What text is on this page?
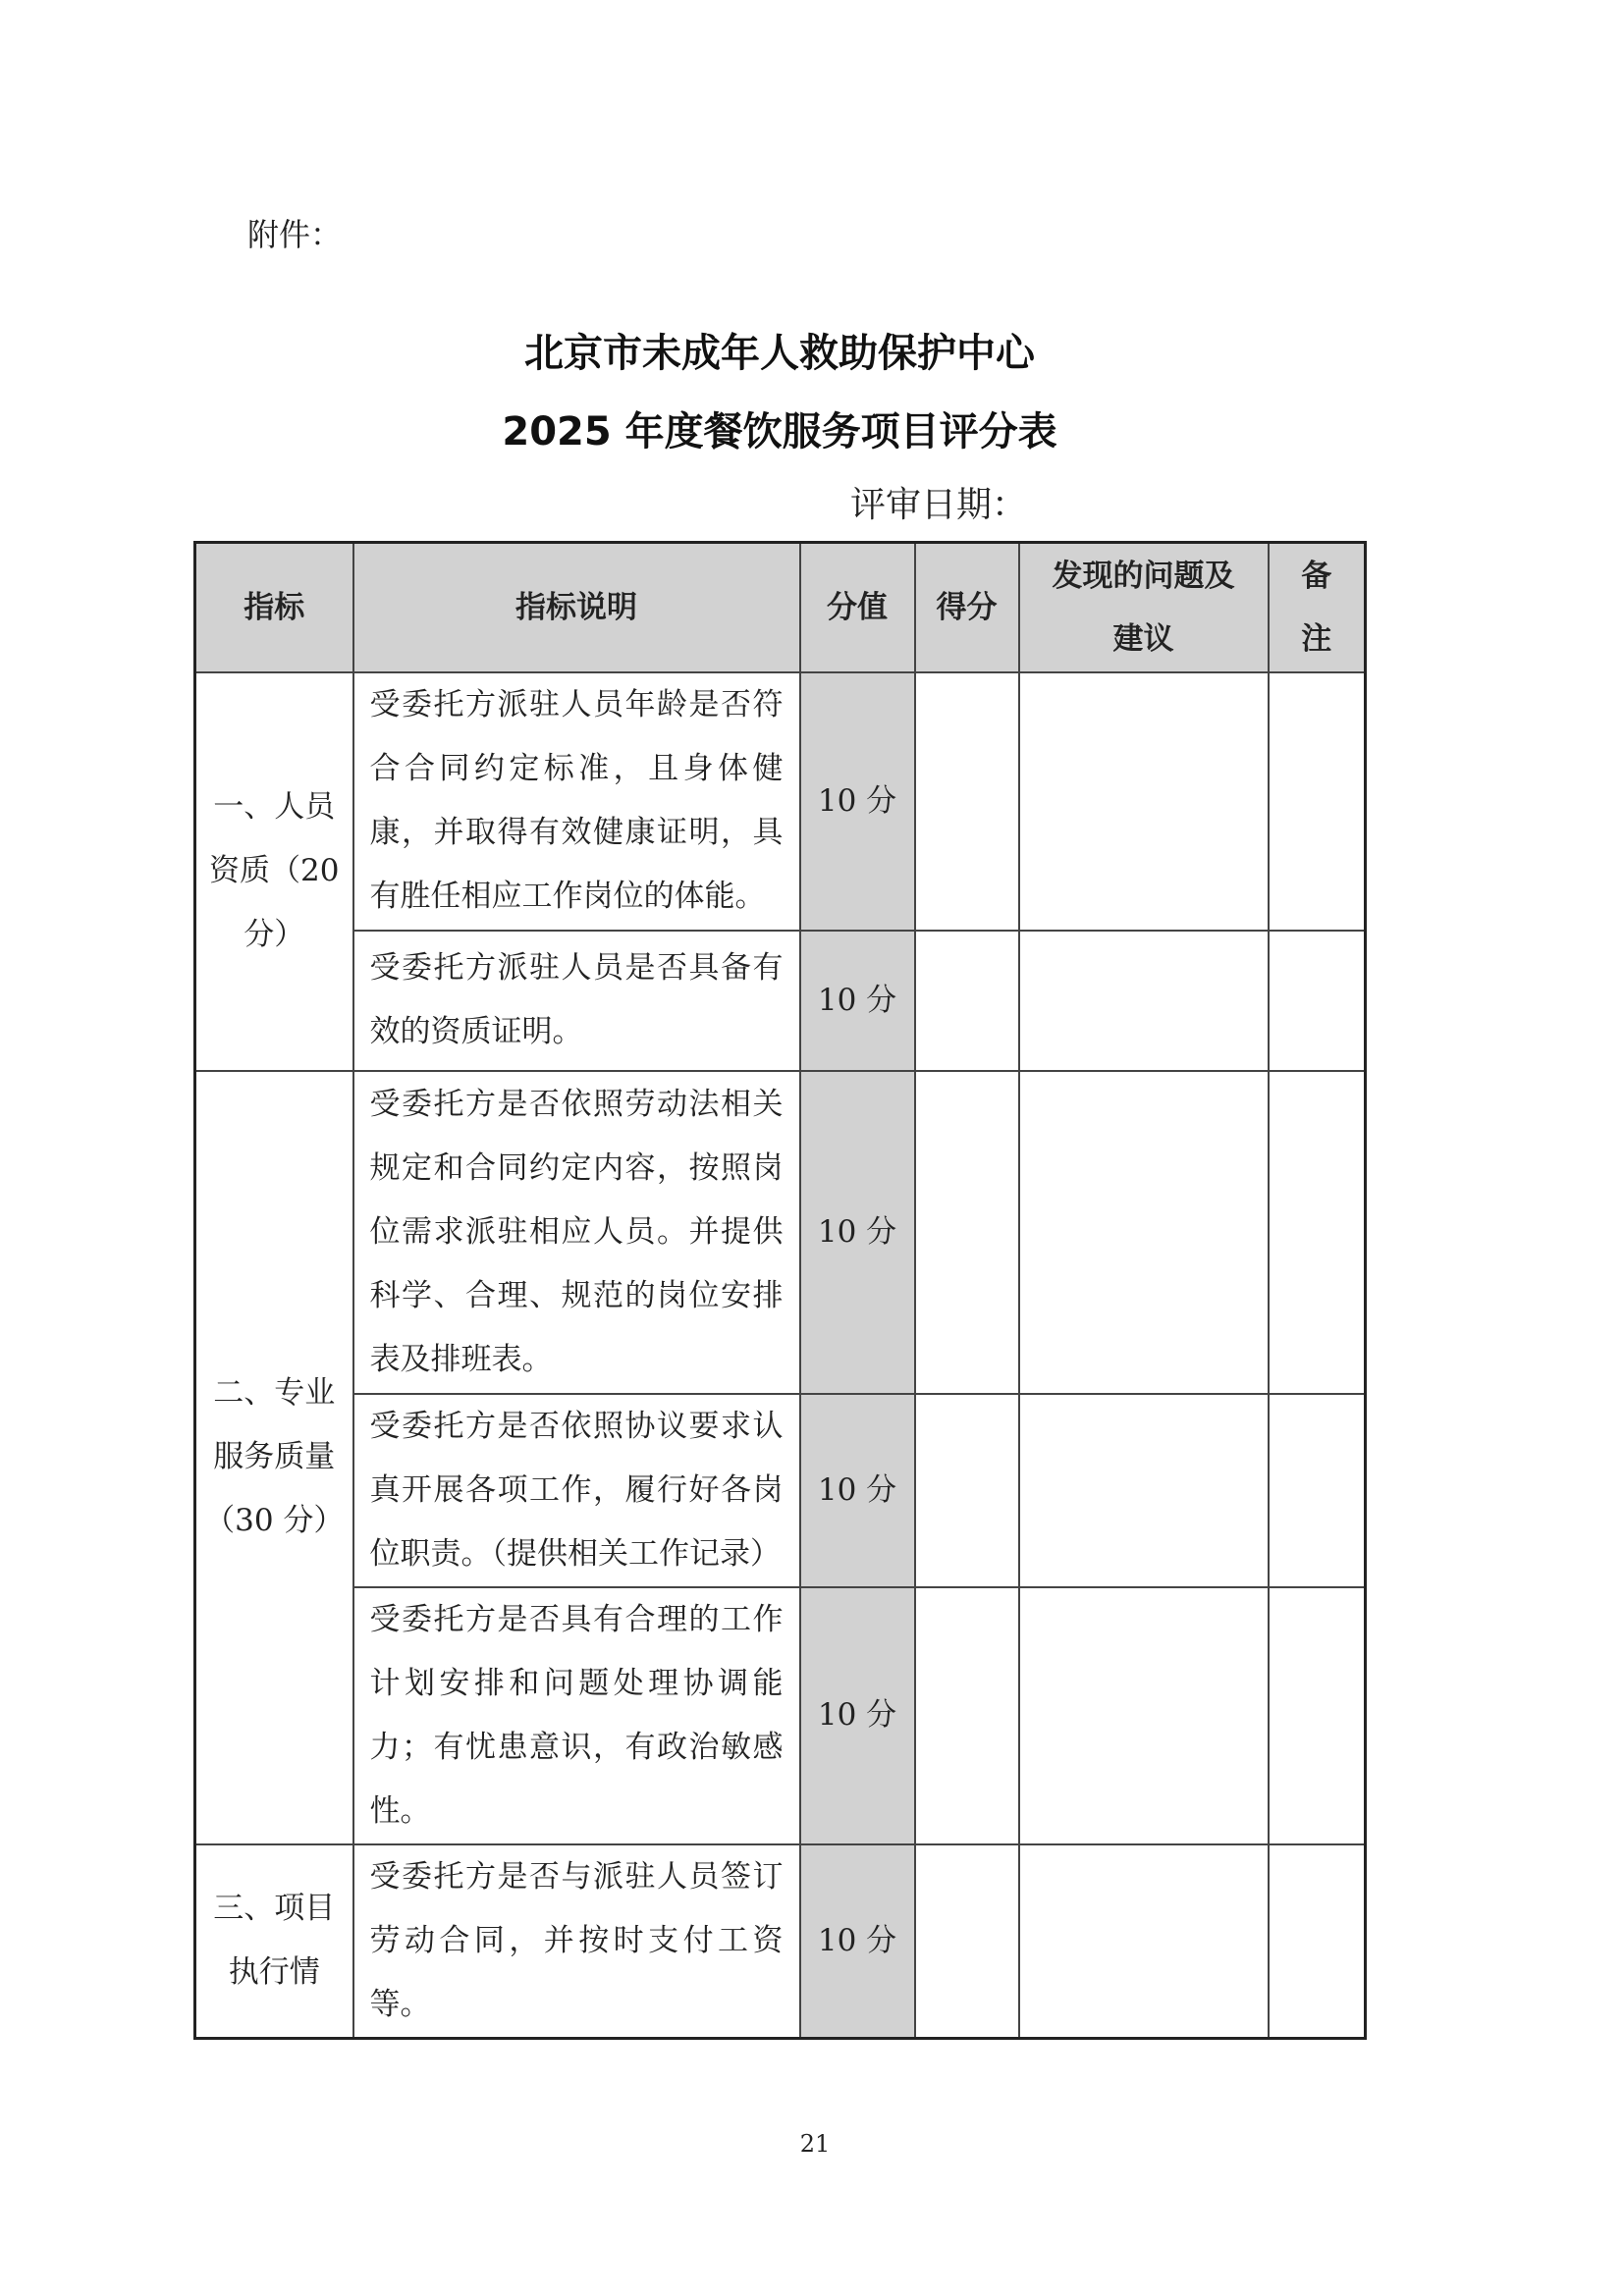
附件：
北京市未成年人救助保护中心
2025 年度餐饮服务项目评分表
评审日期：
指标	指标说明	分值	得分	发现的问题及建议	备注
一、人员资质（20 分）	受委托方派驻人员年龄是否符合合同约定标准，且身体健康，并取得有效健康证明，具有胜任相应工作岗位的体能。	10 分			
	受委托方派驻人员是否具备有效的资质证明。	10 分			
二、专业服务质量（30 分）	受委托方是否依照劳动法相关规定和合同约定内容，按照岗位需求派驻相应人员。并提供科学、合理、规范的岗位安排表及排班表。	10 分			
	受委托方是否依照协议要求认真开展各项工作，履行好各岗位职责。（提供相关工作记录）	10 分			
	受委托方是否具有合理的工作计划安排和问题处理协调能力；有忧患意识，有政治敏感性。	10 分			
三、项目执行情	受委托方是否与派驻人员签订劳动合同，并按时支付工资等。	10 分			
21
